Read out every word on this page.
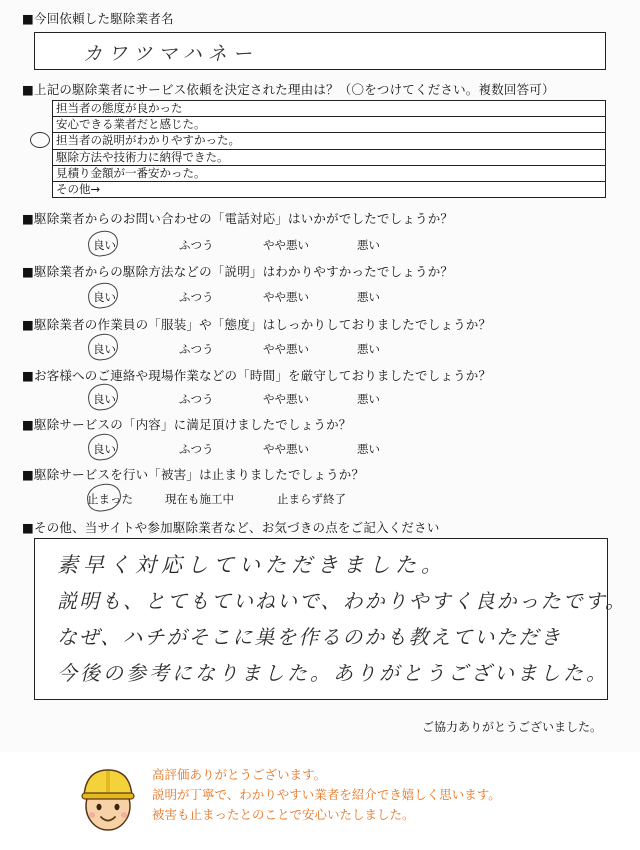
■今回依頼した駆除業者名
カワツマハネー
■上記の駆除業者にサービス依頼を決定された理由は？（〇をつけてください。複数回答可）
担当者の態度が良かった
安心できる業者だと感じた。
担当者の説明がわかりやすかった。
駆除方法や技術力に納得できた。
見積り金額が一番安かった。
その他→
■駆除業者からのお問い合わせの「電話対応」はいかがでしたでしょうか？
良い	ふつう	やや悪い	悪い
■駆除業者からの駆除方法などの「説明」はわかりやすかったでしょうか？
良い	ふつう	やや悪い	悪い
■駆除業者の作業員の「服装」や「態度」はしっかりしておりましたでしょうか？
良い	ふつう	やや悪い	悪い
■お客様へのご連絡や現場作業などの「時間」を厳守しておりましたでしょうか？
良い	ふつう	やや悪い	悪い
■駆除サービスの「内容」に満足頂けましたでしょうか？
良い	ふつう	やや悪い	悪い
■駆除サービスを行い「被害」は止まりましたでしょうか？
止まった	現在も施工中	止まらず終了
■その他、当サイトや参加駆除業者など、お気づきの点をご記入ください
素早く対応していただきました。
説明も、とてもていねいで、わかりやすく良かったです。
なぜ、ハチがそこに巣を作るのかも教えていただき
今後の参考になりました。ありがとうございました。
ご協力ありがとうございました。
高評価ありがとうございます。
説明が丁寧で、わかりやすい業者を紹介でき嬉しく思います。
被害も止まったとのことで安心いたしました。
